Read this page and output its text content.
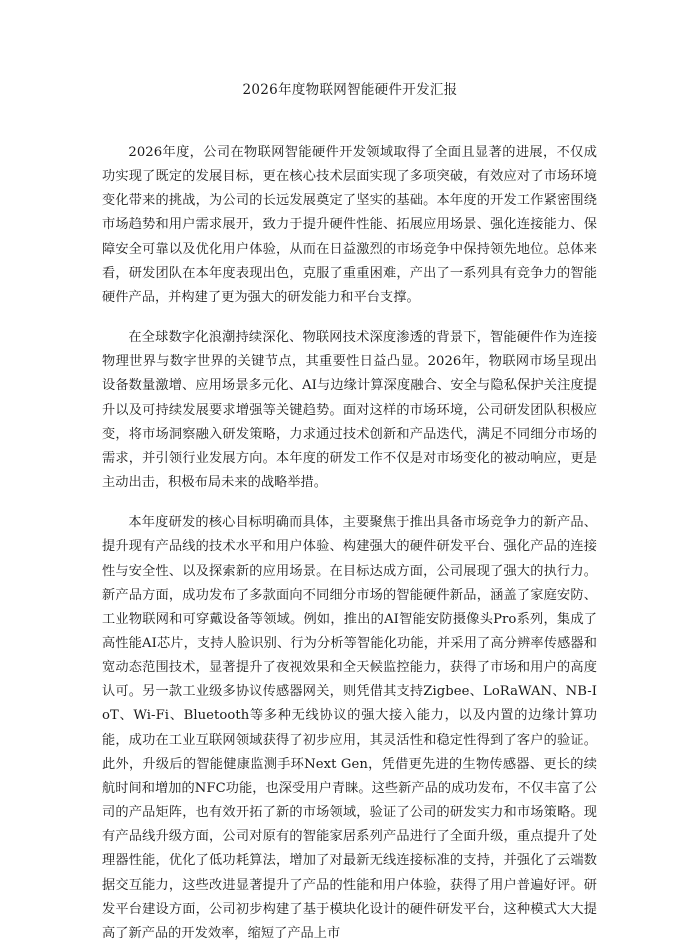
2026年度物联网智能硬件开发汇报

2026年度，公司在物联网智能硬件开发领域取得了全面且显著的进展，不仅成功实现了既定的发展目标，更在核心技术层面实现了多项突破，有效应对了市场环境变化带来的挑战，为公司的长远发展奠定了坚实的基础。本年度的开发工作紧密围绕市场趋势和用户需求展开，致力于提升硬件性能、拓展应用场景、强化连接能力、保障安全可靠以及优化用户体验，从而在日益激烈的市场竞争中保持领先地位。总体来看，研发团队在本年度表现出色，克服了重重困难，产出了一系列具有竞争力的智能硬件产品，并构建了更为强大的研发能力和平台支撑。

在全球数字化浪潮持续深化、物联网技术深度渗透的背景下，智能硬件作为连接物理世界与数字世界的关键节点，其重要性日益凸显。2026年，物联网市场呈现出设备数量激增、应用场景多元化、AI与边缘计算深度融合、安全与隐私保护关注度提升以及可持续发展要求增强等关键趋势。面对这样的市场环境，公司研发团队积极应变，将市场洞察融入研发策略，力求通过技术创新和产品迭代，满足不同细分市场的需求，并引领行业发展方向。本年度的研发工作不仅是对市场变化的被动响应，更是主动出击，积极布局未来的战略举措。

本年度研发的核心目标明确而具体，主要聚焦于推出具备市场竞争力的新产品、提升现有产品线的技术水平和用户体验、构建强大的硬件研发平台、强化产品的连接性与安全性、以及探索新的应用场景。在目标达成方面，公司展现了强大的执行力。新产品方面，成功发布了多款面向不同细分市场的智能硬件新品，涵盖了家庭安防、工业物联网和可穿戴设备等领域。例如，推出的AI智能安防摄像头Pro系列，集成了高性能AI芯片，支持人脸识别、行为分析等智能化功能，并采用了高分辨率传感器和宽动态范围技术，显著提升了夜视效果和全天候监控能力，获得了市场和用户的高度认可。另一款工业级多协议传感器网关，则凭借其支持Zigbee、LoRaWAN、NB-IoT、Wi-Fi、Bluetooth等多种无线协议的强大接入能力，以及内置的边缘计算功能，成功在工业互联网领域获得了初步应用，其灵活性和稳定性得到了客户的验证。此外，升级后的智能健康监测手环Next Gen，凭借更先进的生物传感器、更长的续航时间和增加的NFC功能，也深受用户青睐。这些新产品的成功发布，不仅丰富了公司的产品矩阵，也有效开拓了新的市场领域，验证了公司的研发实力和市场策略。现有产品线升级方面，公司对原有的智能家居系列产品进行了全面升级，重点提升了处理器性能，优化了低功耗算法，增加了对最新无线连接标准的支持，并强化了云端数据交互能力，这些改进显著提升了产品的性能和用户体验，获得了用户普遍好评。研发平台建设方面，公司初步构建了基于模块化设计的硬件研发平台，这种模式大大提高了新产品的开发效率，缩短了产品上市
